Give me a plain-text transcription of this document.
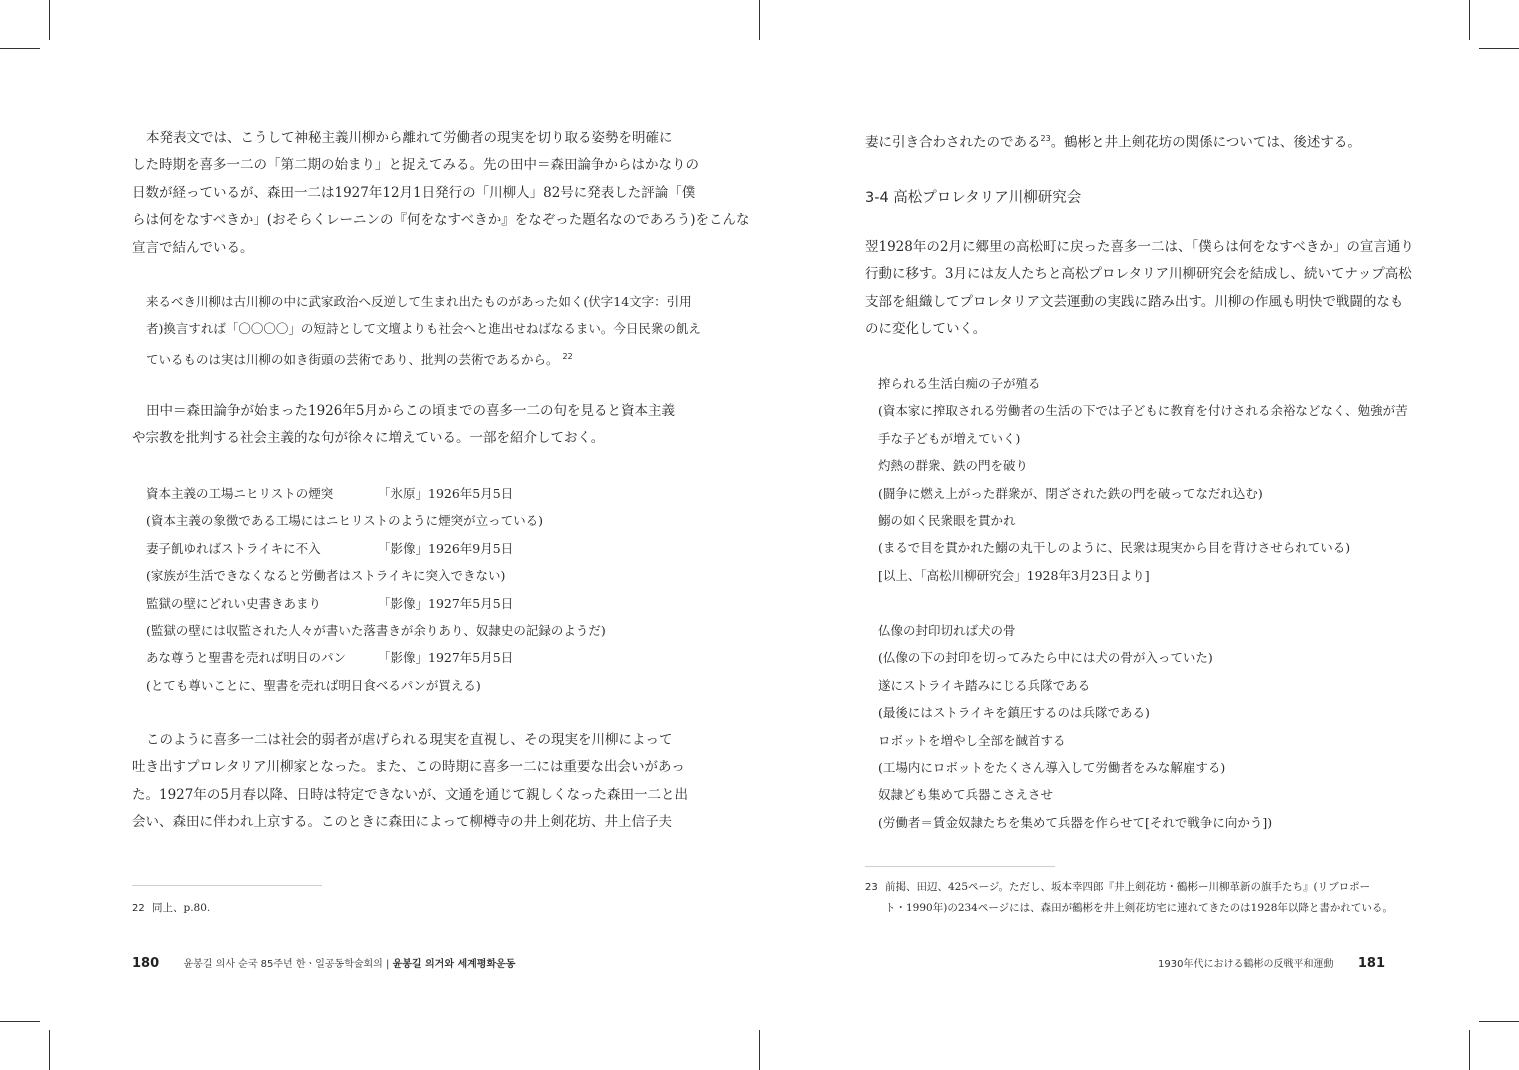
本発表文では、こうして神秘主義川柳から離れて労働者の現実を切り取る姿勢を明確に
した時期を喜多一二の「第二期の始まり」と捉えてみる。先の田中＝森田論争からはかなりの
日数が経っているが、森田一二は1927年12月1日発行の「川柳人」82号に発表した評論「僕
らは何をなすべきか」(おそらくレーニンの『何をなすべきか』をなぞった題名なのであろう)をこんな
宣言で結んでいる。
来るべき川柳は古川柳の中に武家政治へ反逆して生まれ出たものがあった如く(伏字14文字：引用
者)換言すれば「〇〇〇〇」の短詩として文壇よりも社会へと進出せねばなるまい。今日民衆の飢え
ているものは実は川柳の如き街頭の芸術であり、批判の芸術であるから。 $^{22}$
田中＝森田論争が始まった1926年5月からこの頃までの喜多一二の句を見ると資本主義
や宗教を批判する社会主義的な句が徐々に増えている。一部を紹介しておく。
資本主義の工場ニヒリストの煙突	「氷原」1926年5月5日
(資本主義の象徴である工場にはニヒリストのように煙突が立っている)
妻子飢ゆればストライキに不入	「影像」1926年9月5日
(家族が生活できなくなると労働者はストライキに突入できない)
監獄の壁にどれい史書きあまり	「影像」1927年5月5日
(監獄の壁には収監された人々が書いた落書きが余りあり、奴隷史の記録のようだ)
あな尊うと聖書を売れば明日のパン	「影像」1927年5月5日
(とても尊いことに、聖書を売れば明日食べるパンが買える)
このように喜多一二は社会的弱者が虐げられる現実を直視し、その現実を川柳によって
吐き出すプロレタリア川柳家となった。また、この時期に喜多一二には重要な出会いがあっ
た。1927年の5月春以降、日時は特定できないが、文通を通じて親しくなった森田一二と出
会い、森田に伴われ上京する。このときに森田によって柳樽寺の井上剣花坊、井上信子夫
22 同上、p.80.
180 윤봉길 의사 순국 85주년 한ㆍ일공동학술회의 | 윤봉길 의거와 세계평화운동
妻に引き合わされたのである$^{23}$。鶴彬と井上剣花坊の関係については、後述する。
3-4 高松プロレタリア川柳研究会
翌1928年の2月に郷里の高松町に戻った喜多一二は、「僕らは何をなすべきか」の宣言通り
行動に移す。3月には友人たちと高松プロレタリア川柳研究会を結成し、続いてナップ高松
支部を組織してプロレタリア文芸運動の実践に踏み出す。川柳の作風も明快で戦闘的なも
のに変化していく。
搾られる生活白痴の子が殖る
(資本家に搾取される労働者の生活の下では子どもに教育を付けされる余裕などなく、勉強が苦
手な子どもが増えていく)
灼熱の群衆、鉄の門を破り
(闘争に燃え上がった群衆が、閉ざされた鉄の門を破ってなだれ込む)
鰯の如く民衆眼を貫かれ
(まるで目を貫かれた鰯の丸干しのように、民衆は現実から目を背けさせられている)
[以上、「高松川柳研究会」1928年3月23日より]
仏像の封印切れば犬の骨
(仏像の下の封印を切ってみたら中には犬の骨が入っていた)
遂にストライキ踏みにじる兵隊である
(最後にはストライキを鎮圧するのは兵隊である)
ロボットを増やし全部を馘首する
(工場内にロボットをたくさん導入して労働者をみな解雇する)
奴隷ども集めて兵器こさえさせ
(労働者＝賃金奴隷たちを集めて兵器を作らせて[それで戦争に向かう])
23 前掲、田辺、425ページ。ただし、坂本幸四郎『井上剣花坊・鶴彬ー川柳革新の旗手たち』(リブロポー
ト・1990年)の234ページには、森田が鶴彬を井上剣花坊宅に連れてきたのは1928年以降と書かれている。
1930年代における鶴彬の反戦平和運動 181
